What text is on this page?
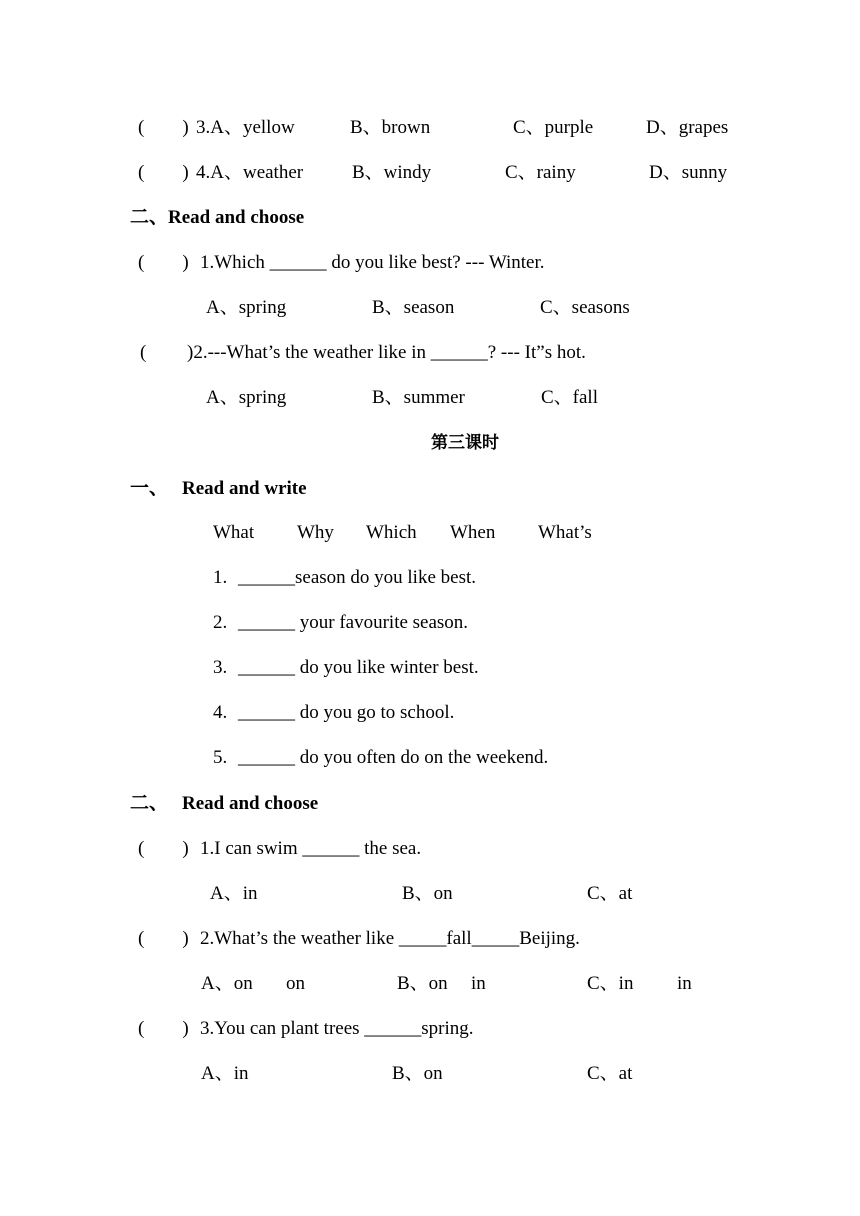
(　　) 3.A、yellow	B、brown	C、purple	D、grapes
(　　) 4.A、weather	B、windy	C、rainy	D、sunny
二、Read and choose
(　　) 1.Which ______ do you like best? --- Winter.
A、spring	B、season	C、seasons
(　　 )2.---What’s the weather like in ______? --- It”s hot.
A、spring	B、summer	C、fall
第三课时
一、 Read and write
What Why Which When What’s
1. ______season do you like best.
2. ______ your favourite season.
3. ______ do you like winter best.
4. ______ do you go to school.
5. ______ do you often do on the weekend.
二、 Read and choose
(　　) 1.I can swim ______ the sea.
A、in	B、on	C、at
(　　) 2.What’s the weather like _____fall_____Beijing.
A、on on	B、on in	C、in in
(　　) 3.You can plant trees ______spring.
A、in	B、on	C、at
